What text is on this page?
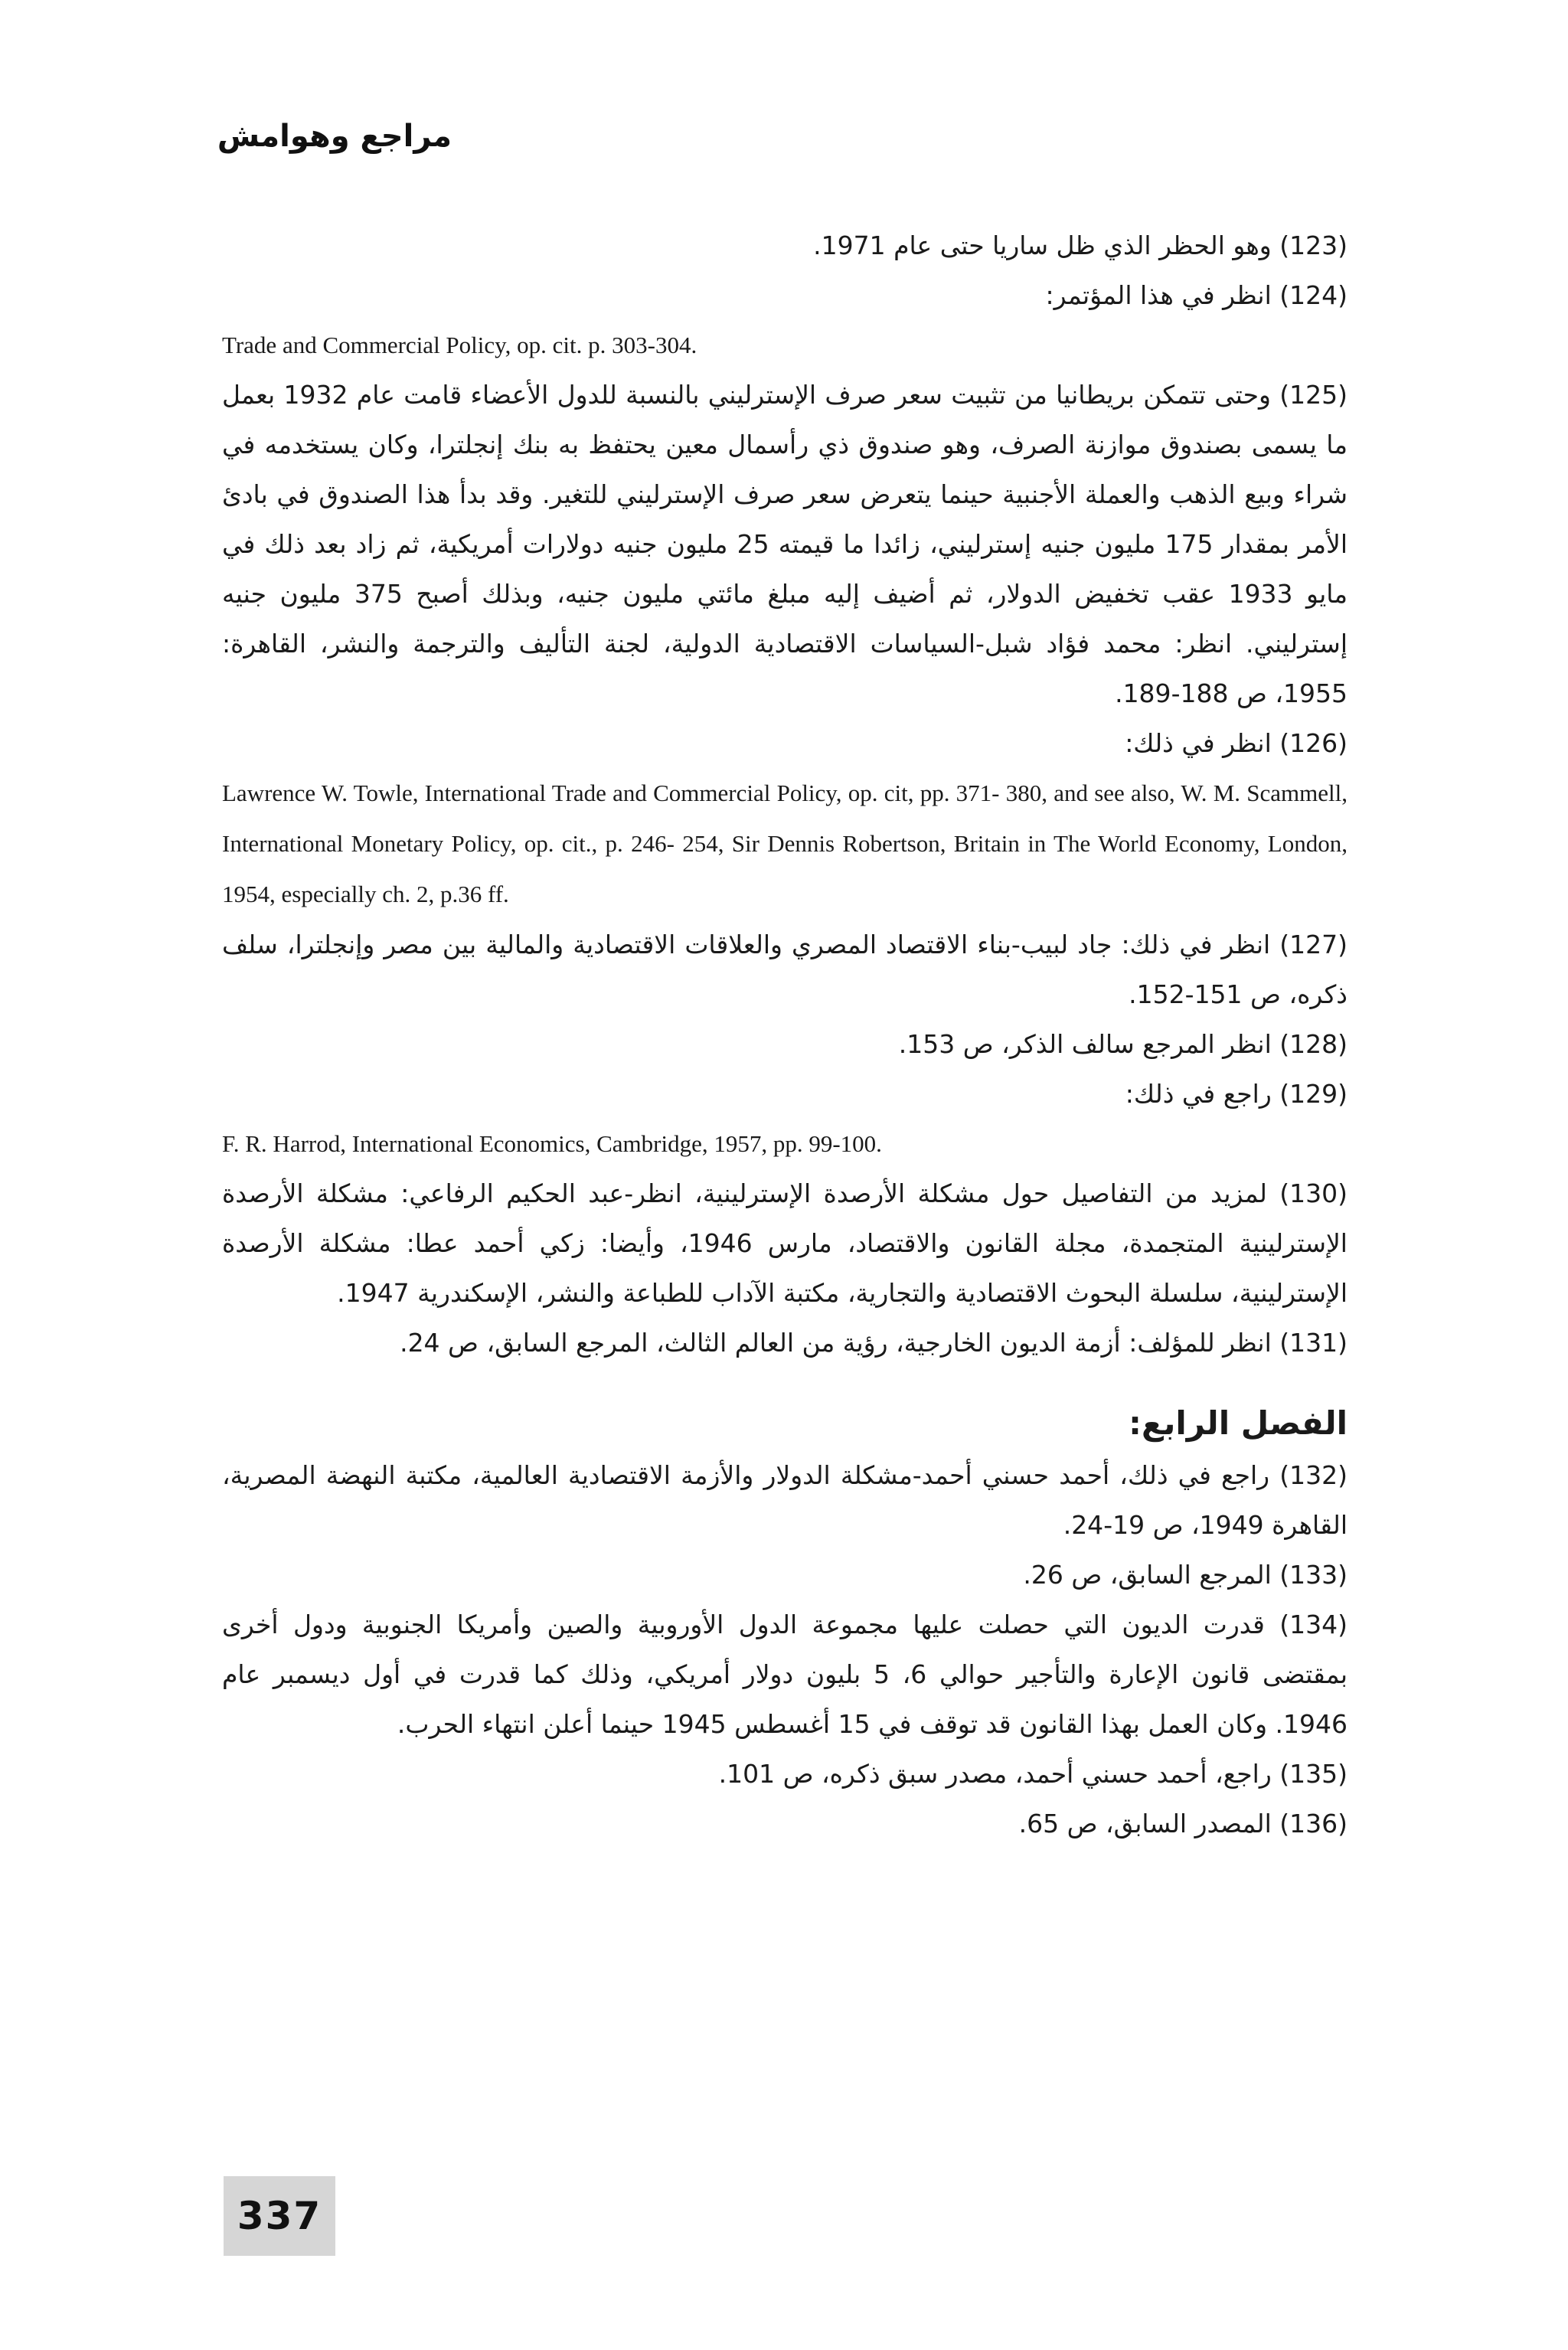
مراجع وهوامش

(123) وهو الحظر الذي ظل ساريا حتى عام 1971.

(124) انظر في هذا المؤتمر:

Trade and Commercial Policy, op. cit. p. 303-304.

(125) وحتى تتمكن بريطانيا من تثبيت سعر صرف الإسترليني بالنسبة للدول الأعضاء قامت عام 1932 بعمل ما يسمى بصندوق موازنة الصرف، وهو صندوق ذي رأسمال معين يحتفظ به بنك إنجلترا، وكان يستخدمه في شراء وبيع الذهب والعملة الأجنبية حينما يتعرض سعر صرف الإسترليني للتغير. وقد بدأ هذا الصندوق في بادئ الأمر بمقدار 175 مليون جنيه إسترليني، زائدا ما قيمته 25 مليون جنيه دولارات أمريكية، ثم زاد بعد ذلك في مايو 1933 عقب تخفيض الدولار، ثم أضيف إليه مبلغ مائتي مليون جنيه، وبذلك أصبح 375 مليون جنيه إسترليني. انظر: محمد فؤاد شبل-السياسات الاقتصادية الدولية، لجنة التأليف والترجمة والنشر، القاهرة: 1955، ص 188-189.

(126) انظر في ذلك:

Lawrence W. Towle, International Trade and Commercial Policy, op. cit, pp. 371- 380, and see also, W. M. Scammell, International Monetary Policy, op. cit., p. 246- 254, Sir Dennis Robertson, Britain in The World Economy, London, 1954, especially ch. 2, p.36 ff.

(127) انظر في ذلك: جاد لبيب-بناء الاقتصاد المصري والعلاقات الاقتصادية والمالية بين مصر وإنجلترا، سلف ذكره، ص 151-152.

(128) انظر المرجع سالف الذكر، ص 153.

(129) راجع في ذلك:

F. R. Harrod, International Economics, Cambridge, 1957, pp. 99-100.

(130) لمزيد من التفاصيل حول مشكلة الأرصدة الإسترلينية، انظر-عبد الحكيم الرفاعي: مشكلة الأرصدة الإسترلينية المتجمدة، مجلة القانون والاقتصاد، مارس 1946، وأيضا: زكي أحمد عطا: مشكلة الأرصدة الإسترلينية، سلسلة البحوث الاقتصادية والتجارية، مكتبة الآداب للطباعة والنشر، الإسكندرية 1947.

(131) انظر للمؤلف: أزمة الديون الخارجية، رؤية من العالم الثالث، المرجع السابق، ص 24.

الفصل الرابع:

(132) راجع في ذلك، أحمد حسني أحمد-مشكلة الدولار والأزمة الاقتصادية العالمية، مكتبة النهضة المصرية، القاهرة 1949، ص 19-24.

(133) المرجع السابق، ص 26.

(134) قدرت الديون التي حصلت عليها مجموعة الدول الأوروبية والصين وأمريكا الجنوبية ودول أخرى بمقتضى قانون الإعارة والتأجير حوالي 6، 5 بليون دولار أمريكي، وذلك كما قدرت في أول ديسمبر عام 1946. وكان العمل بهذا القانون قد توقف في 15 أغسطس 1945 حينما أعلن انتهاء الحرب.

(135) راجع، أحمد حسني أحمد، مصدر سبق ذكره، ص 101.

(136) المصدر السابق، ص 65.

337
